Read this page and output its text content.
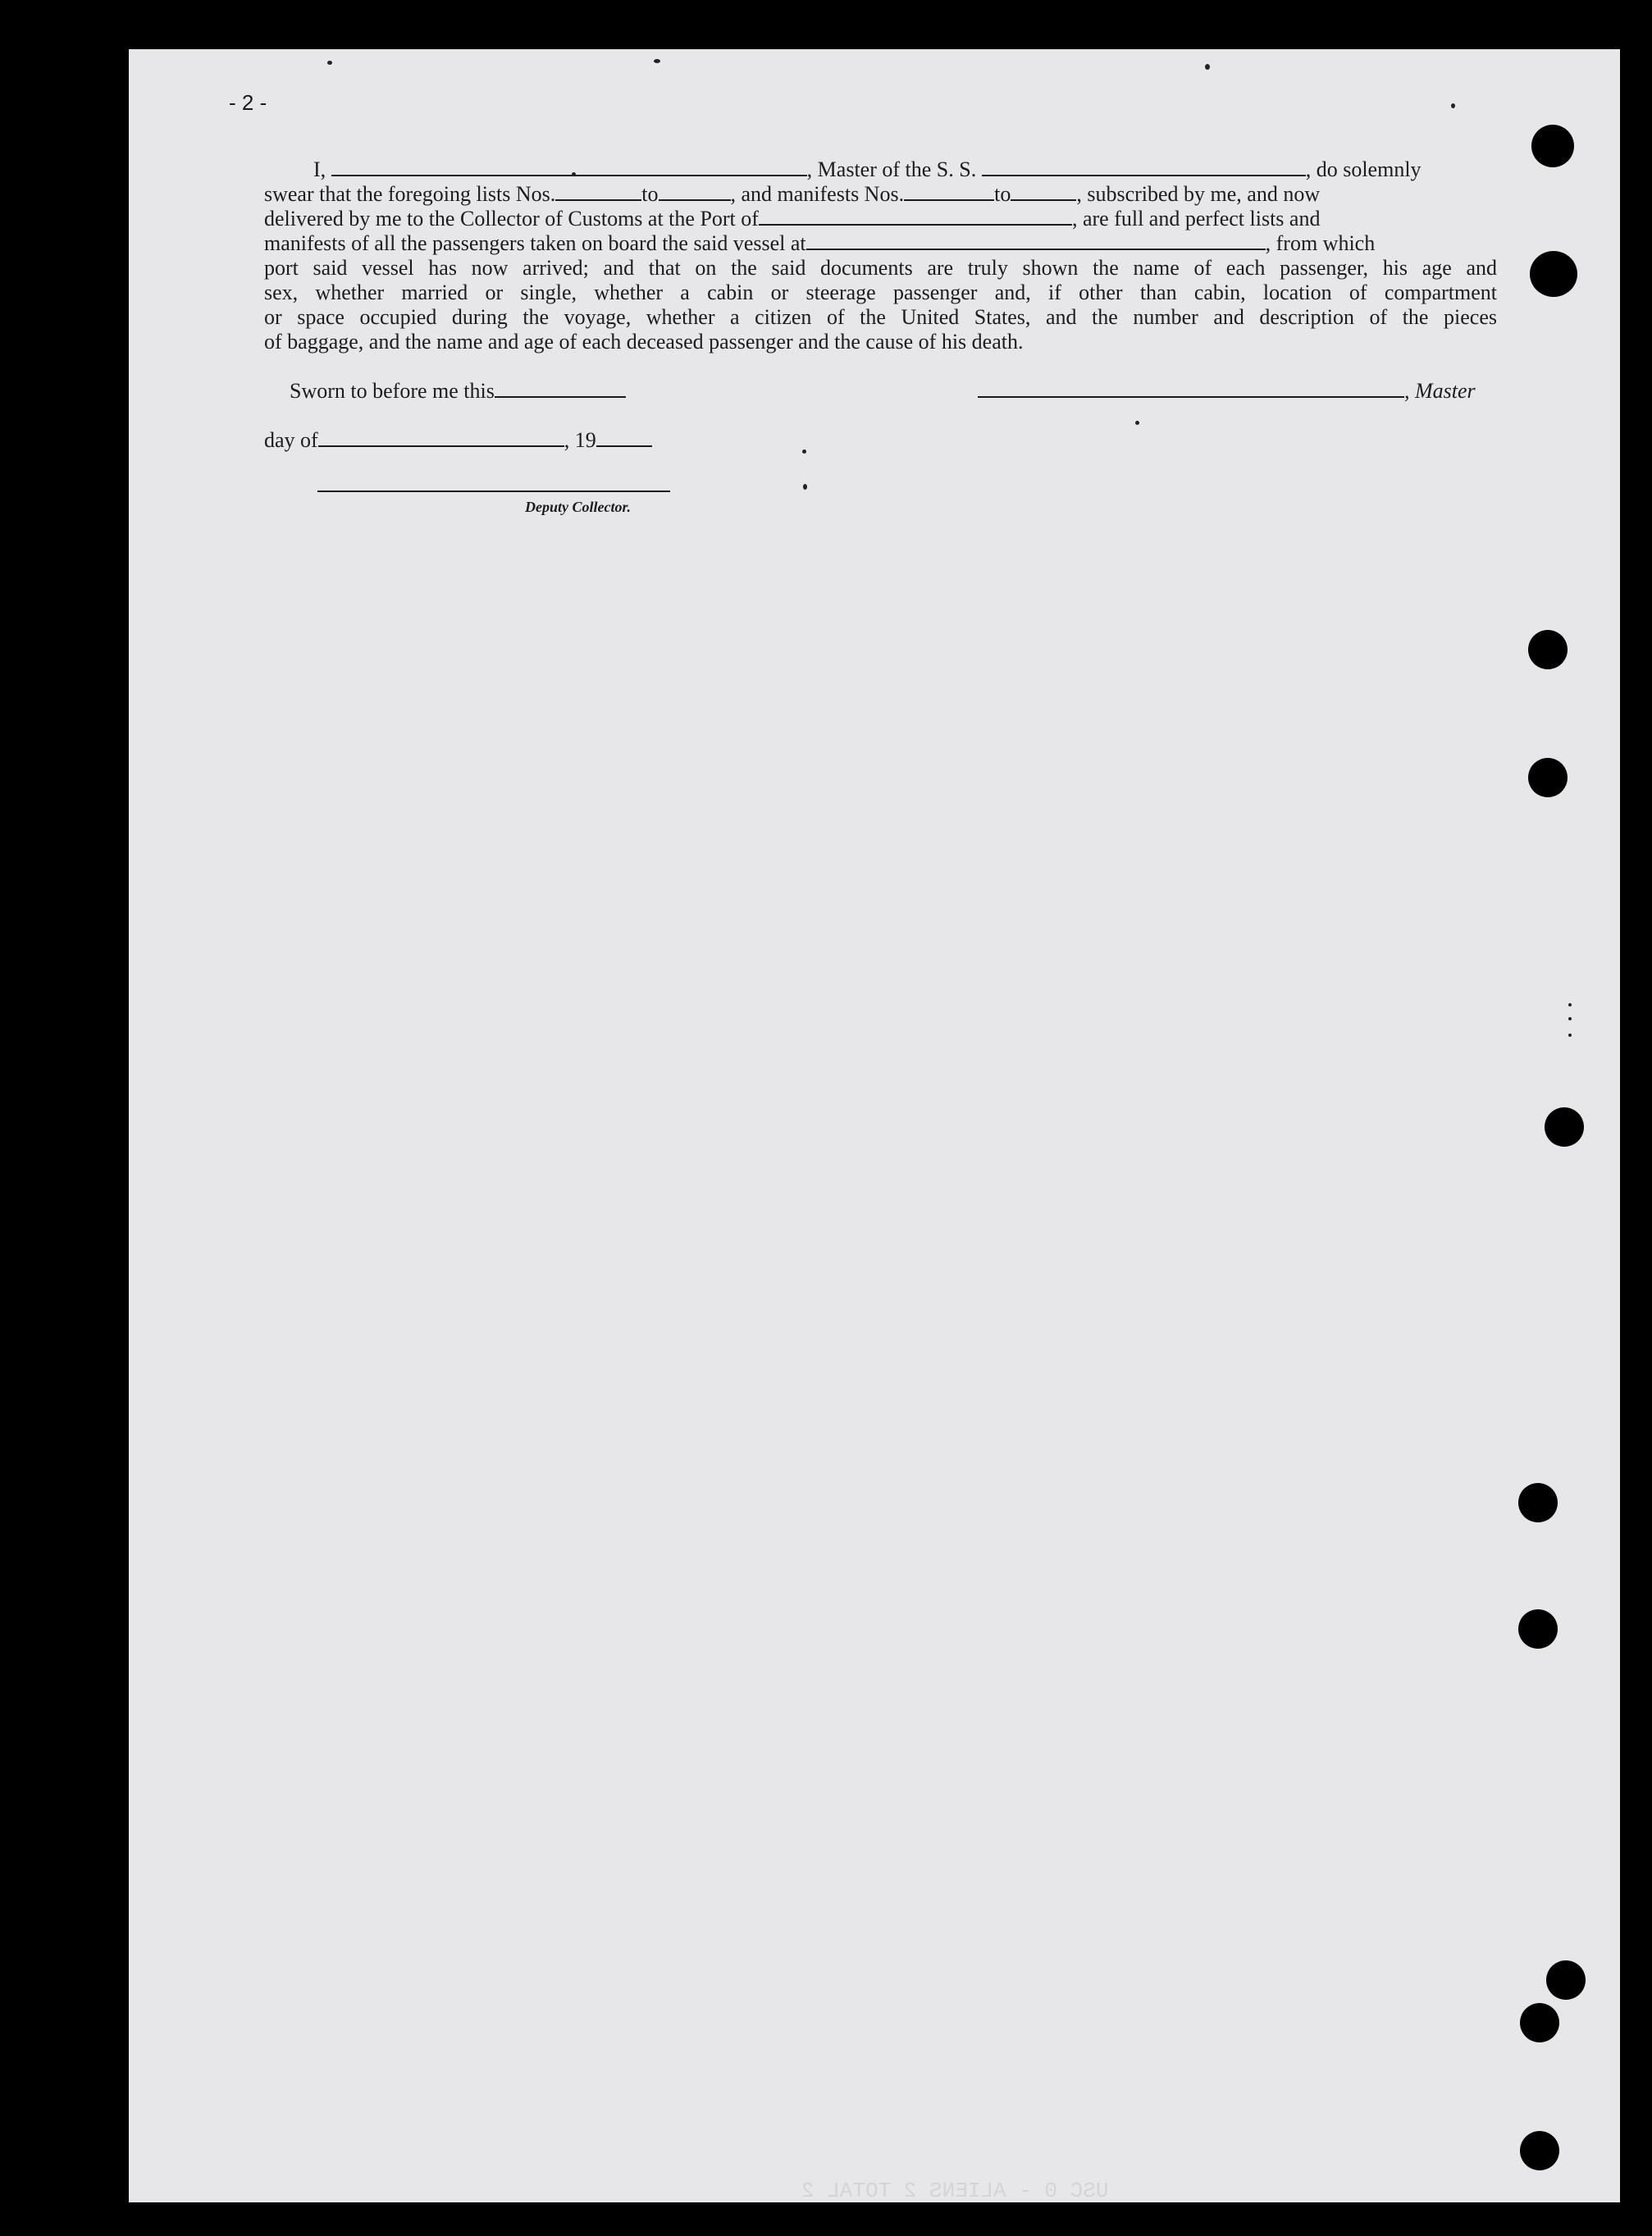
- 2 -
USC 0 - ALIENS 2 TOTAL 2
I,	, Master of the S. S.	, do solemnly
swear that the foregoing lists Nos.	to	, and manifests Nos.	to	, subscribed by me, and now
delivered by me to the Collector of Customs at the Port of	, are full and perfect lists and
manifests of all the passengers taken on board the said vessel at	, from which
port said vessel has now arrived; and that on the said documents are truly shown the name of each passenger, his age and
sex, whether married or single, whether a cabin or steerage passenger and, if other than cabin, location of compartment
or space occupied during the voyage, whether a citizen of the United States, and the number and description of the pieces
of baggage, and the name and age of each deceased passenger and the cause of his death.
Sworn to before me this	, Master
day of	, 19
Deputy Collector.
